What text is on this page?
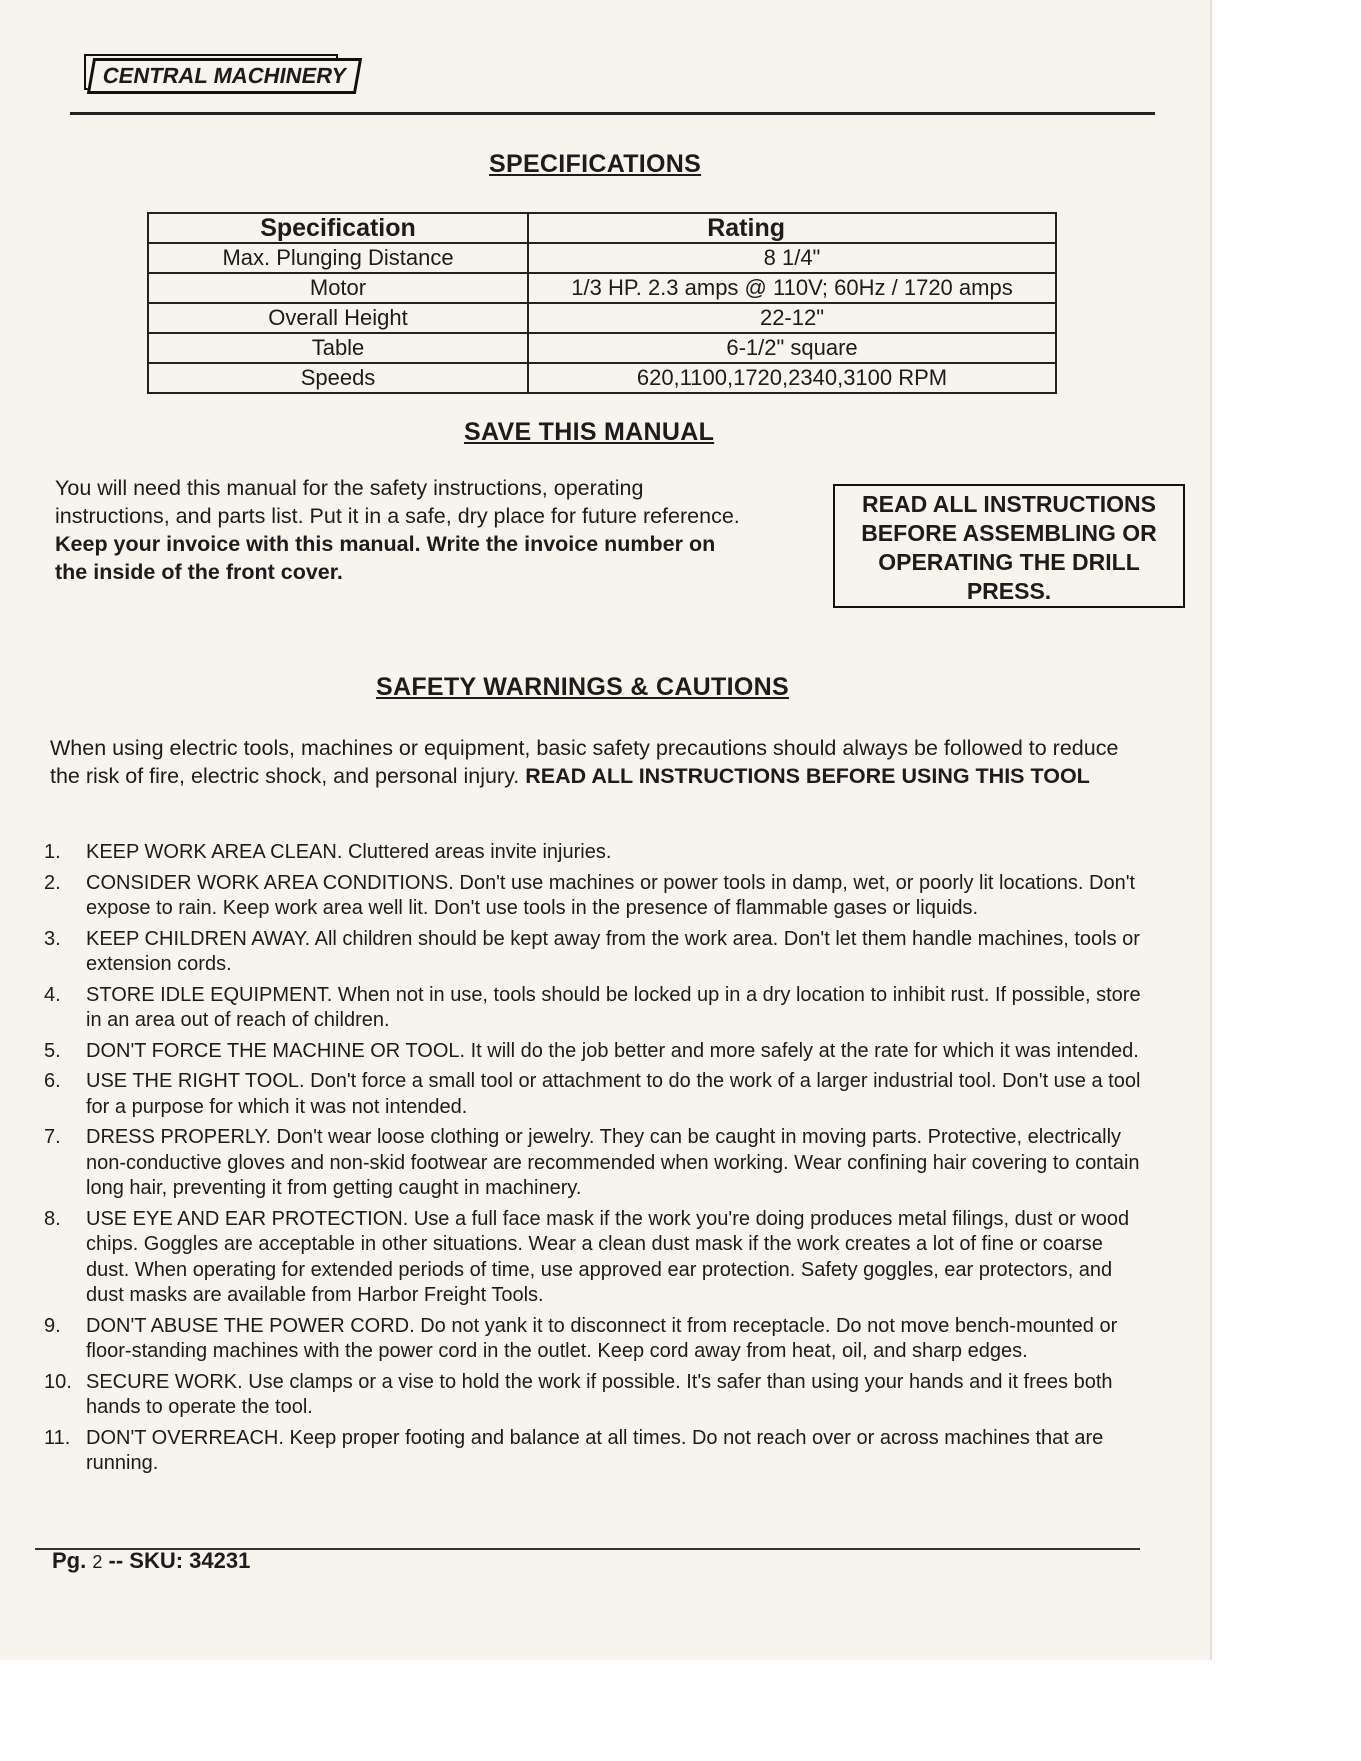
CENTRAL MACHINERY
SPECIFICATIONS
Specification	Rating
Max. Plunging Distance	8 1/4"
Motor	1/3 HP. 2.3 amps @ 110V; 60Hz / 1720 amps
Overall Height	22-12"
Table	6-1/2" square
Speeds	620,1100,1720,2340,3100 RPM
SAVE THIS MANUAL
You will need this manual for the safety instructions, operating instructions, and parts list. Put it in a safe, dry place for future reference. Keep your invoice with this manual. Write the invoice number on the inside of the front cover.
READ ALL INSTRUCTIONS
BEFORE ASSEMBLING OR
OPERATING THE DRILL
PRESS.
SAFETY WARNINGS & CAUTIONS
When using electric tools, machines or equipment, basic safety precautions should always be followed to reduce the risk of fire, electric shock, and personal injury. READ ALL INSTRUCTIONS BEFORE USING THIS TOOL
1. KEEP WORK AREA CLEAN. Cluttered areas invite injuries.
2. CONSIDER WORK AREA CONDITIONS. Don't use machines or power tools in damp, wet, or poorly lit locations. Don't expose to rain. Keep work area well lit. Don't use tools in the presence of flammable gases or liquids.
3. KEEP CHILDREN AWAY. All children should be kept away from the work area. Don't let them handle machines, tools or extension cords.
4. STORE IDLE EQUIPMENT. When not in use, tools should be locked up in a dry location to inhibit rust. If possible, store in an area out of reach of children.
5. DON'T FORCE THE MACHINE OR TOOL. It will do the job better and more safely at the rate for which it was intended.
6. USE THE RIGHT TOOL. Don't force a small tool or attachment to do the work of a larger industrial tool. Don't use a tool for a purpose for which it was not intended.
7. DRESS PROPERLY. Don't wear loose clothing or jewelry. They can be caught in moving parts. Protective, electrically non-conductive gloves and non-skid footwear are recommended when working. Wear confining hair covering to contain long hair, preventing it from getting caught in machinery.
8. USE EYE AND EAR PROTECTION. Use a full face mask if the work you're doing produces metal filings, dust or wood chips. Goggles are acceptable in other situations. Wear a clean dust mask if the work creates a lot of fine or coarse dust. When operating for extended periods of time, use approved ear protection. Safety goggles, ear protectors, and dust masks are available from Harbor Freight Tools.
9. DON'T ABUSE THE POWER CORD. Do not yank it to disconnect it from receptacle. Do not move bench-mounted or floor-standing machines with the power cord in the outlet. Keep cord away from heat, oil, and sharp edges.
10. SECURE WORK. Use clamps or a vise to hold the work if possible. It's safer than using your hands and it frees both hands to operate the tool.
11. DON'T OVERREACH. Keep proper footing and balance at all times. Do not reach over or across machines that are running.
Pg. 2 -- SKU: 34231
